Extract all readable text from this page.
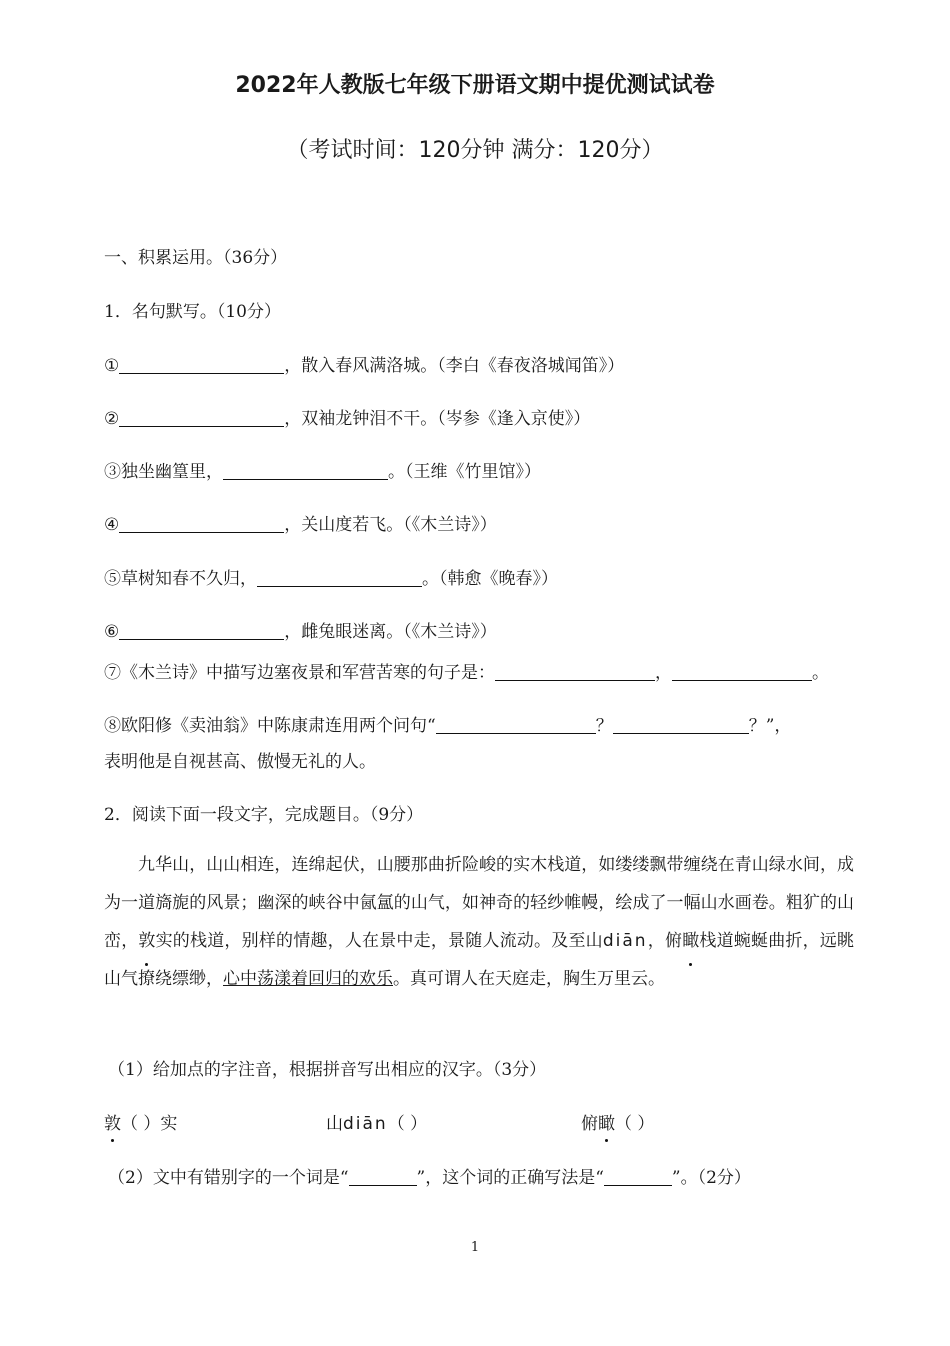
2022年人教版七年级下册语文期中提优测试试卷
（考试时间：120分钟 满分：120分）
一、积累运用。（36分）
1．名句默写。（10分）
①	，散入春风满洛城。（李白《春夜洛城闻笛》）
②	，双袖龙钟泪不干。（岑参《逢入京使》）
③独坐幽篁里，	。（王维《竹里馆》）
④	，关山度若飞。（《木兰诗》）
⑤草树知春不久归，	。（韩愈《晚春》）
⑥	，雌兔眼迷离。（《木兰诗》）
⑦《木兰诗》中描写边塞夜景和军营苦寒的句子是：	，	。
⑧欧阳修《卖油翁》中陈康肃连用两个问句“	？	？”，
表明他是自视甚高、傲慢无礼的人。
2．阅读下面一段文字，完成题目。（9分）
九华山，山山相连，连绵起伏，山腰那曲折险峻的实木栈道，如缕缕飘带缠绕在青山绿水间，成为一道旖旎的风景；幽深的峡谷中氤氲的山气，如神奇的轻纱帷幔，绘成了一幅山水画卷。粗犷的山峦，敦实的栈道，别样的情趣，人在景中走，景随人流动。及至山diān，俯瞰栈道蜿蜒曲折，远眺山气撩绕缥缈，心中荡漾着回归的欢乐。真可谓人在天庭走，胸生万里云。
（1）给加点的字注音，根据拼音写出相应的汉字。（3分）
敦（ ）实	山diān（ ）	俯瞰（ ）
（2）文中有错别字的一个词是“	”，这个词的正确写法是“	”。（2分）
1
